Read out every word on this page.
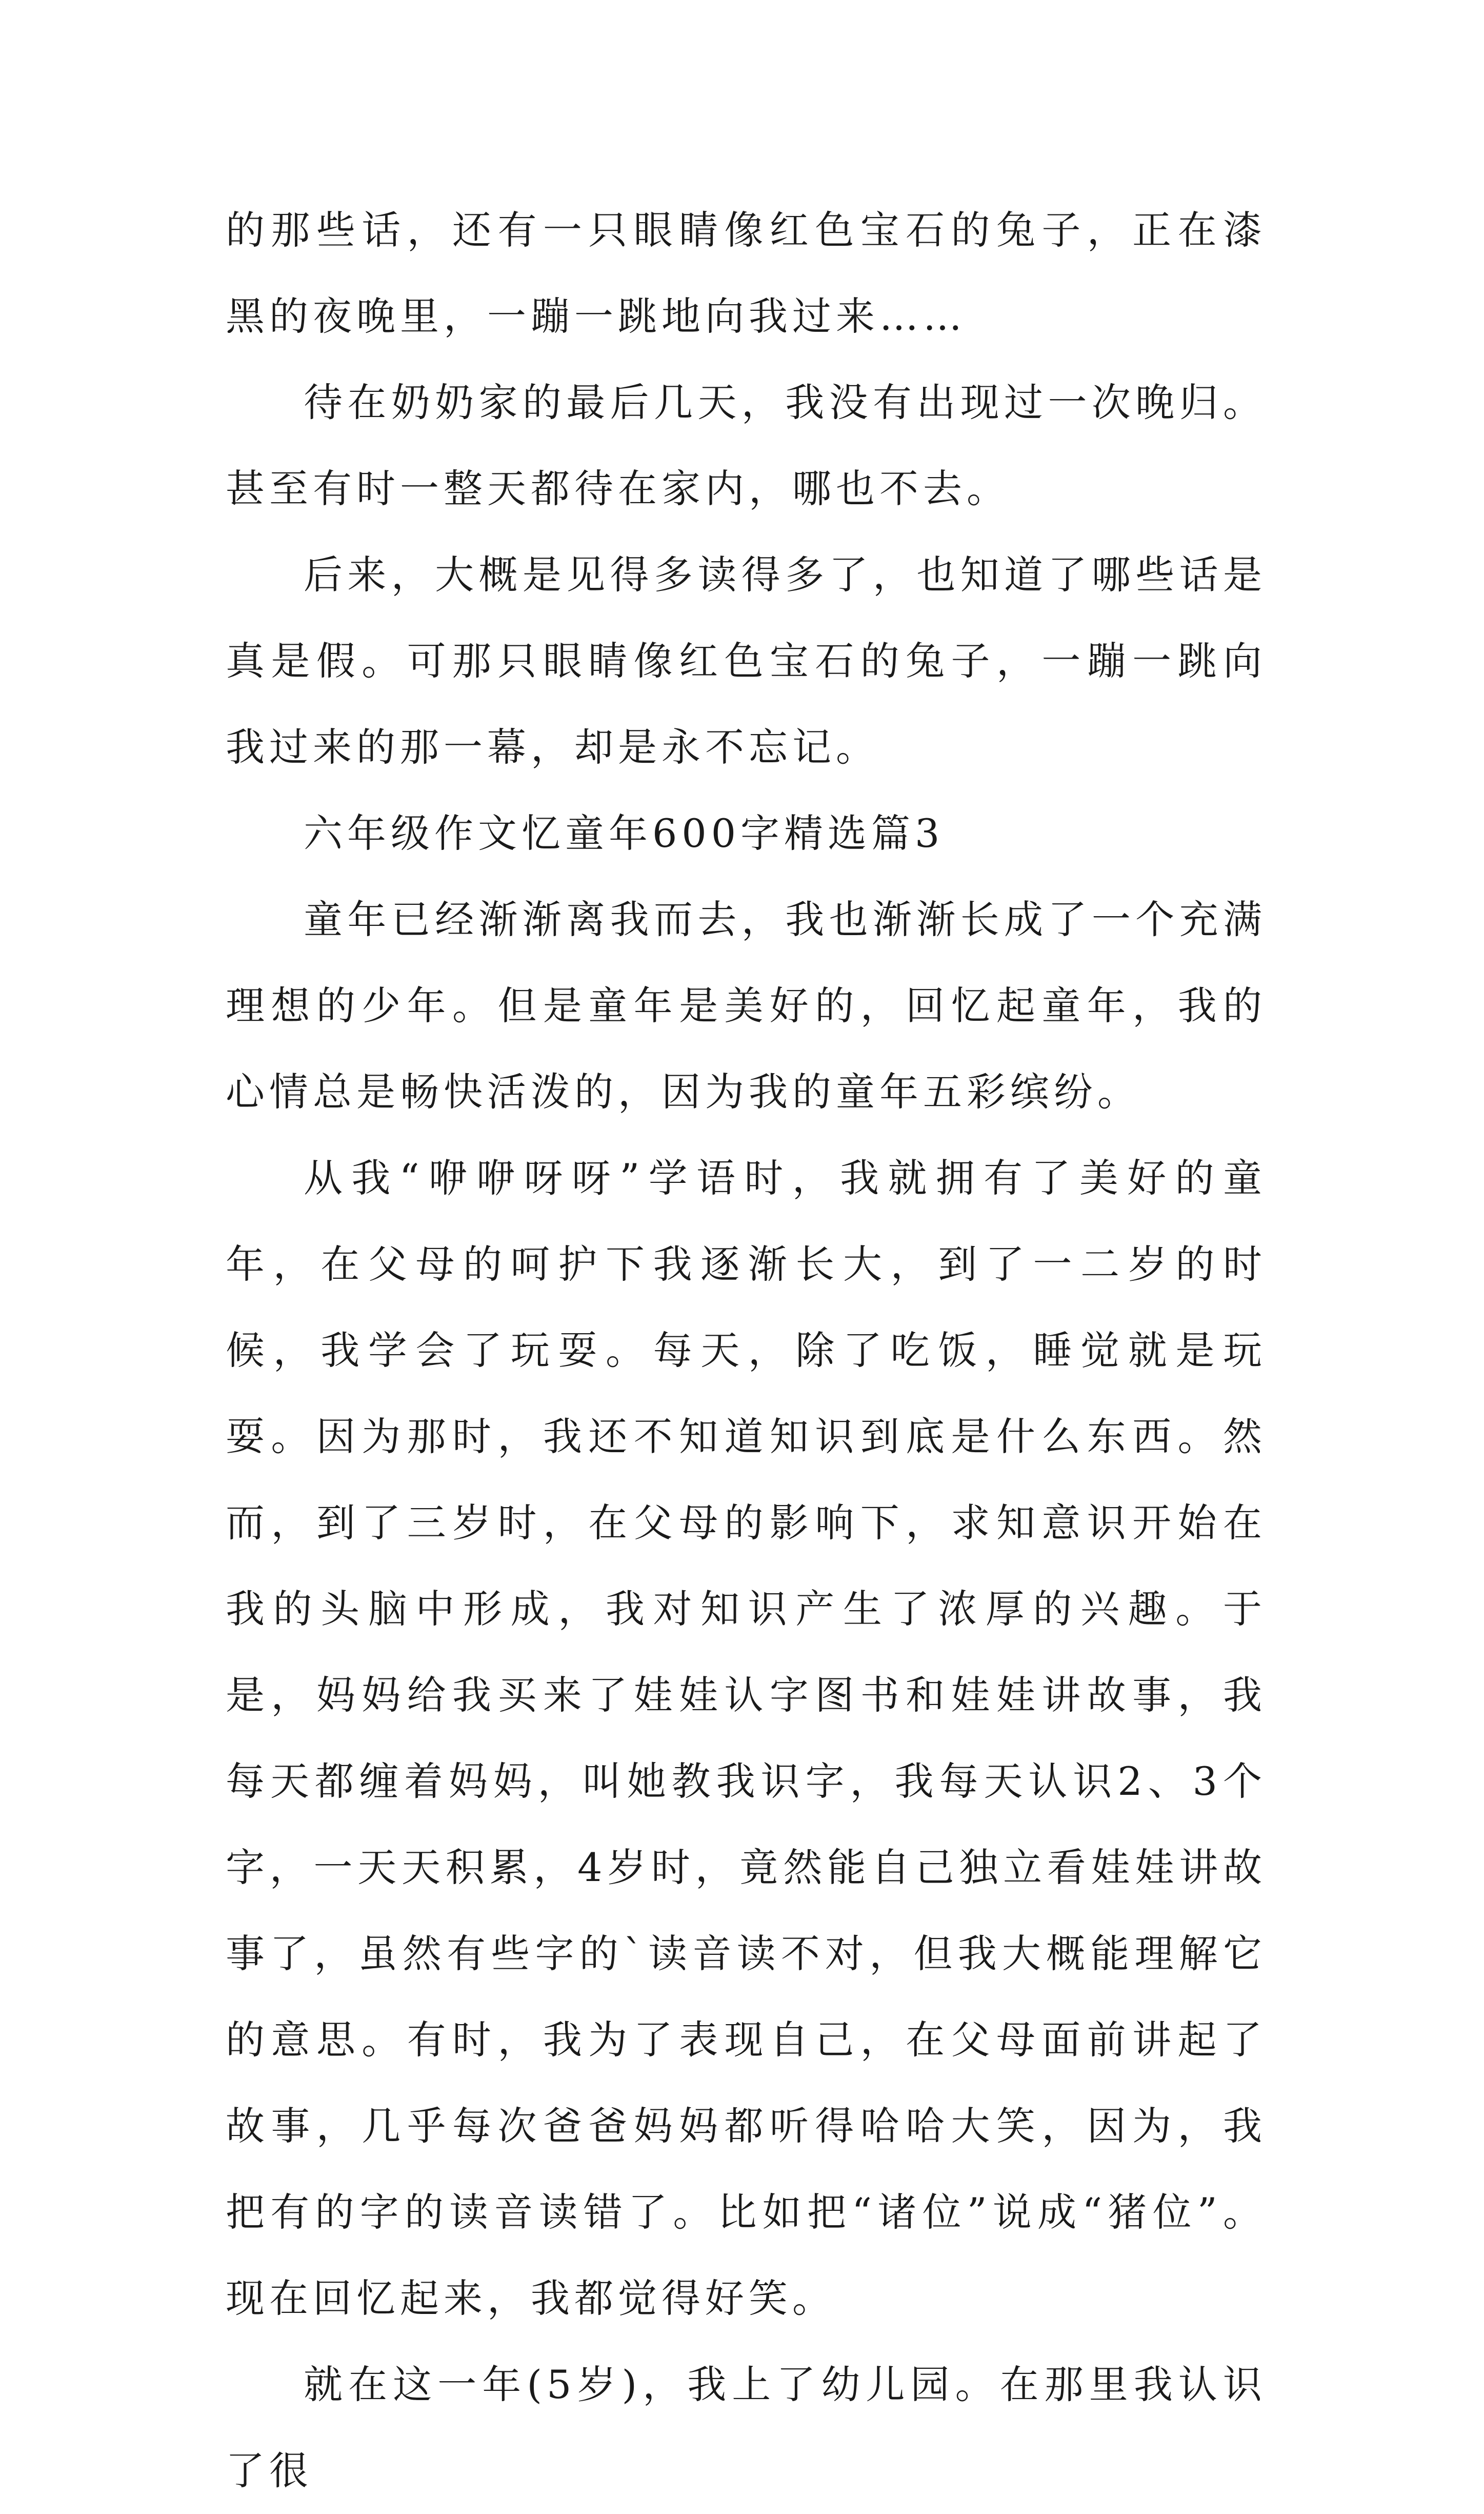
的那些话，还有一只眼睛像红色宝石的兔子，正在漆黑的夜晚里，一蹦一跳地向我过来……

待在奶奶家的最后几天，我没有出现过一次晚归。甚至有时一整天都待在家内，哪也不去。

后来，大概是见得多读得多了，也知道了哪些话是真是假。可那只眼睛像红色宝石的兔子，一蹦一跳向我过来的那一幕，却是永不忘记。

六年级作文忆童年600字精选篇3

童年已经渐渐离我而去，我也渐渐长成了一个充满理想的少年。但是童年是美好的，回忆起童年，我的心情总是畅快活泼的，因为我的童年五彩缤纷。

从我“咿咿呀呀”学语时，我就拥有了美好的童年，在父母的呵护下我逐渐长大，到了一二岁的时候，我学会了玩耍。每天，除了吃饭，睡觉就是玩耍。因为那时，我还不知道知识到底是什么东西。然而，到了三岁时，在父母的影响下，求知意识开始在我的头脑中形成，我对知识产生了浓厚的兴趣。于是，妈妈给我买来了娃娃认字图书和娃娃讲故事，我每天都缠着妈妈，叫她教我识字，我每天认识2、3个字，一天天积累，4岁时，竟然能自己独立看娃娃讲故事了，虽然有些字的`读音读不对，但我大概能理解它的意思。有时，我为了表现自己，在父母面前讲起了故事，几乎每次爸爸妈妈都听得哈哈大笑，因为，我把有的字的读音读错了。比如把“诸位”说成“猪位”。现在回忆起来，我都觉得好笑。

就在这一年(5岁)，我上了幼儿园。在那里我认识了很
